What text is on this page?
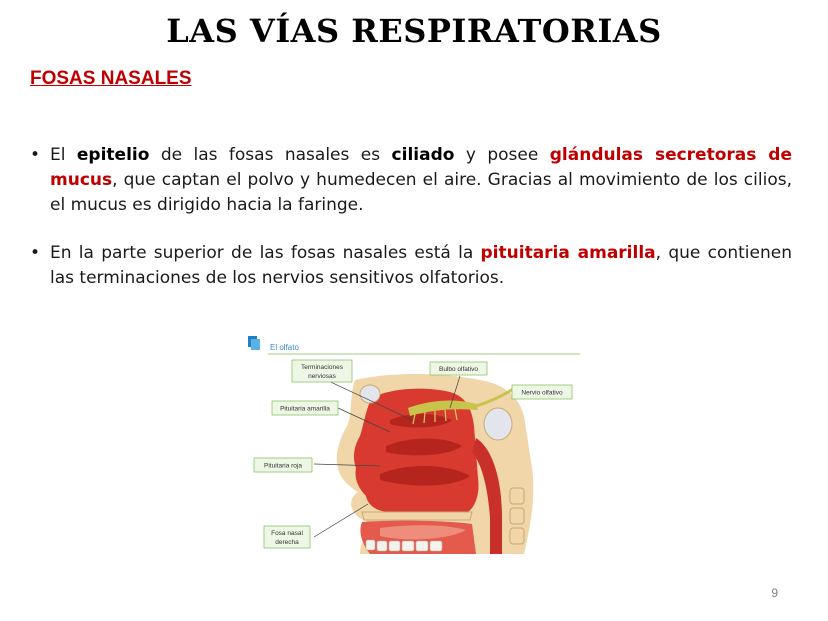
LAS VÍAS RESPIRATORIAS
FOSAS NASALES
• El epitelio de las fosas nasales es ciliado y posee glándulas secretoras de mucus, que captan el polvo y humedecen el aire. Gracias al movimiento de los cilios, el mucus es dirigido hacia la faringe.
• En la parte superior de las fosas nasales está la pituitaria amarilla, que contienen las terminaciones de los nervios sensitivos olfatorios.
El olfato
Terminaciones
nerviosas
Bulbo olfativo
Nervio olfativo
Pituitaria amarilla
Pituitaria roja
Fosa nasal
derecha
9
